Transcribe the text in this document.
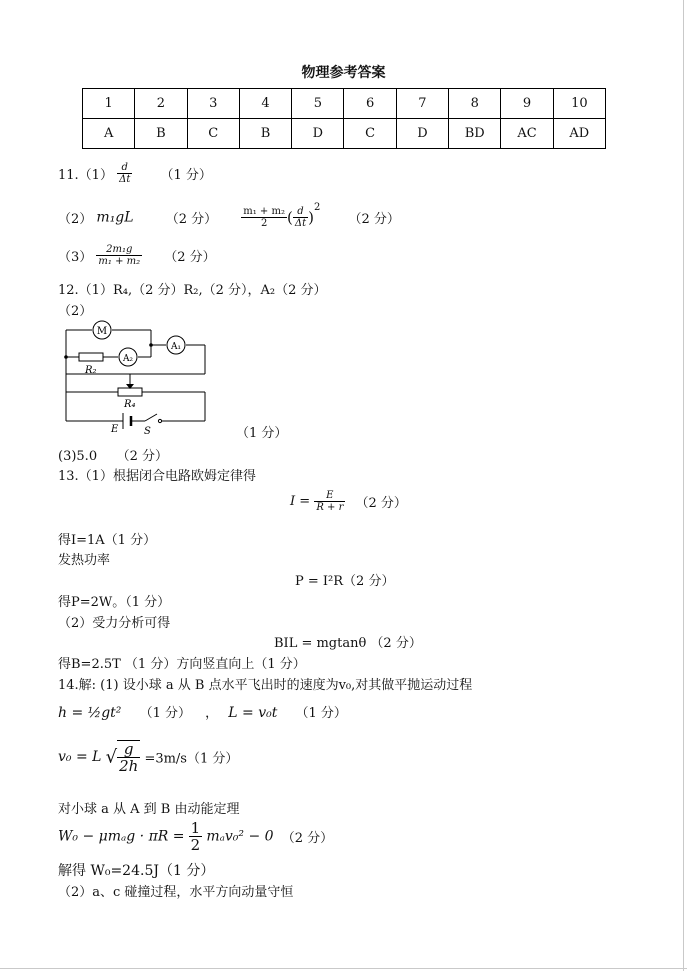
物理参考答案
1	2	3	4	5	6	7	8	9	10
A	B	C	B	D	C	D	BD	AC	AD
$11.(1) \frac{d}{\Delta t} (1$ 分）
（2） m₁gL （2 分） $\frac{\text{m₁ + m₂}}{2}$ ( $\frac{d}{\Delta t} )^2$ （2 分）
$(3) \frac{\text{2m₁g}}{\text{m₁ + m₂}} (2$ 分）
12.（1）R₄,（2 分）R₂,（2 分），A₂（2 分）
（2）
M
A₂
A₁
R₂
R₄
E	S	（1 分）
(3)5.0　　（2 分）
13.（1）根据闭合电路欧姆定律得
$I = \frac{E}{R + r} (2$ 分）
得I=1A（1 分）
发热功率
P = I²R（2 分）
得P=2W。（1 分）
（2）受力分析可得
BIL = mgtanθ （2 分）
得B=2.5T （1 分）方向竖直向上（1 分）
14.解: (1) 设小球 a 从 B 点水平飞出时的速度为v₀,对其做平抛运动过程
h = ½gt² （1 分） ， L = v₀t （1 分）
v₀ = L √ $\frac{g}{2h} =3m/s(1$ 分）
对小球 a 从 A 到 B 由动能定理
$W_0 - \mu m_ag \cdot \pi R = \frac{1}{2} m_av_0^2 - 0$ （2 分）
解得 W₀=24.5J（1 分）
（2）a、c 碰撞过程，水平方向动量守恒
